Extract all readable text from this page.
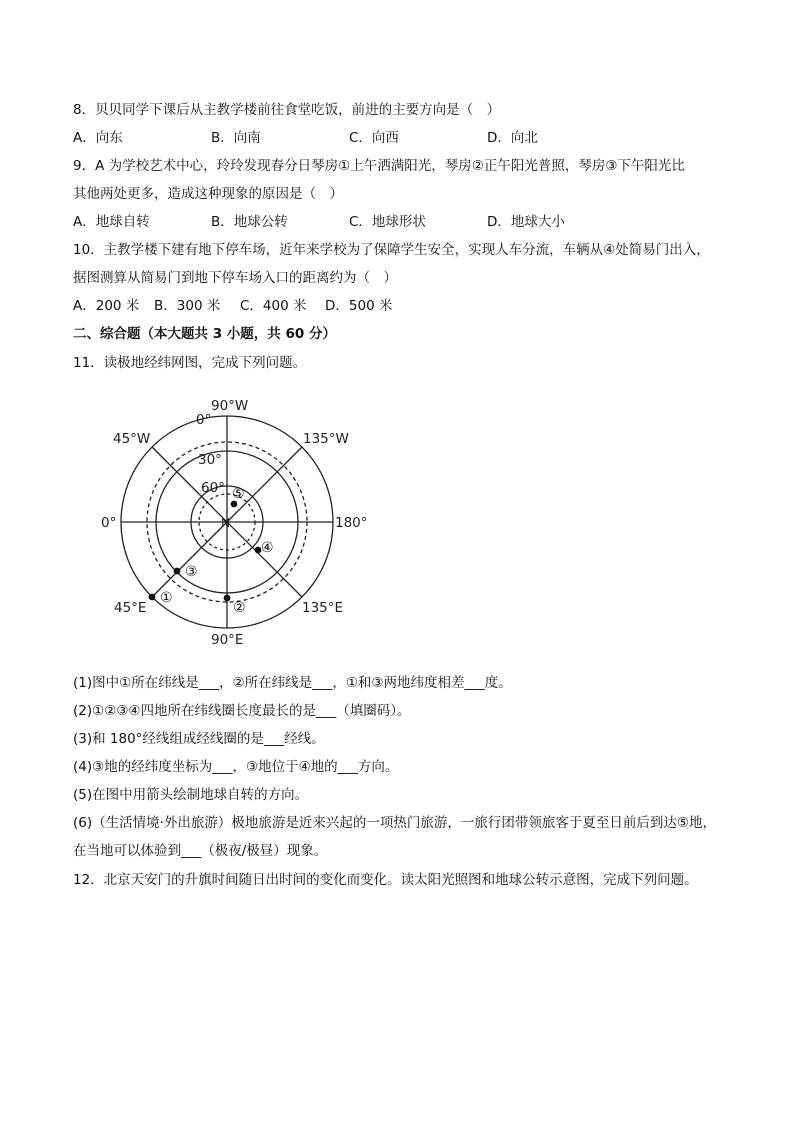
8．贝贝同学下课后从主教学楼前往食堂吃饭，前进的主要方向是（　）
A．向东	B．向南	C．向西	D．向北
9．A 为学校艺术中心，玲玲发现春分日琴房①上午洒满阳光，琴房②正午阳光普照，琴房③下午阳光比
其他两处更多，造成这种现象的原因是（　）
A．地球自转	B．地球公转	C．地球形状	D．地球大小
10．主教学楼下建有地下停车场，近年来学校为了保障学生安全，实现人车分流，车辆从④处简易门出入，
据图测算从简易门到地下停车场入口的距离约为（　）
A．200 米 B．300 米 C．400 米 D．500 米
二、综合题（本大题共 3 小题，共 60 分）
11．读极地经纬网图，完成下列问题。
90°W
45°W	135°W
0°	180°
45°E	135°E
90°E
0°
30°
60°
N
⑤
④
③
①
②
(1)图中①所在纬线是___，②所在纬线是___，①和③两地纬度相差___度。
(2)①②③④四地所在纬线圈长度最长的是___（填圈码）。
(3)和 180°经线组成经线圈的是___经线。
(4)③地的经纬度坐标为___，③地位于④地的___方向。
(5)在图中用箭头绘制地球自转的方向。
(6)（生活情境·外出旅游）极地旅游是近来兴起的一项热门旅游，一旅行团带领旅客于夏至日前后到达⑤地，
在当地可以体验到___（极夜/极昼）现象。
12．北京天安门的升旗时间随日出时间的变化而变化。读太阳光照图和地球公转示意图，完成下列问题。
